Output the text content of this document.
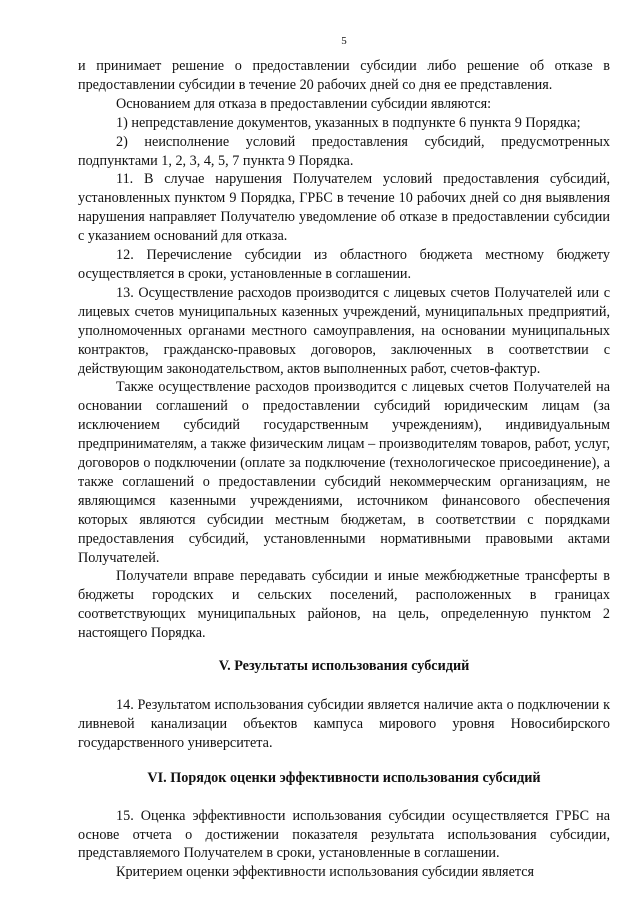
5

и принимает решение о предоставлении субсидии либо решение об отказе в предоставлении субсидии в течение 20 рабочих дней со дня ее представления.

Основанием для отказа в предоставлении субсидии являются:

1) непредставление документов, указанных в подпункте 6 пункта 9 Порядка;

2) неисполнение условий предоставления субсидий, предусмотренных подпунктами 1, 2, 3, 4, 5, 7 пункта 9 Порядка.

11. В случае нарушения Получателем условий предоставления субсидий, установленных пунктом 9 Порядка, ГРБС в течение 10 рабочих дней со дня выявления нарушения направляет Получателю уведомление об отказе в предоставлении субсидии с указанием оснований для отказа.

12. Перечисление субсидии из областного бюджета местному бюджету осуществляется в сроки, установленные в соглашении.

13. Осуществление расходов производится с лицевых счетов Получателей или с лицевых счетов муниципальных казенных учреждений, муниципальных предприятий, уполномоченных органами местного самоуправления, на основании муниципальных контрактов, гражданско-правовых договоров, заключенных в соответствии с действующим законодательством, актов выполненных работ, счетов-фактур.

Также осуществление расходов производится с лицевых счетов Получателей на основании соглашений о предоставлении субсидий юридическим лицам (за исключением субсидий государственным учреждениям), индивидуальным предпринимателям, а также физическим лицам – производителям товаров, работ, услуг, договоров о подключении (оплате за подключение (технологическое присоединение), а также соглашений о предоставлении субсидий некоммерческим организациям, не являющимся казенными учреждениями, источником финансового обеспечения которых являются субсидии местным бюджетам, в соответствии с порядками предоставления субсидий, установленными нормативными правовыми актами Получателей.

Получатели вправе передавать субсидии и иные межбюджетные трансферты в бюджеты городских и сельских поселений, расположенных в границах соответствующих муниципальных районов, на цель, определенную пунктом 2 настоящего Порядка.

V. Результаты использования субсидий

14. Результатом использования субсидии является наличие акта о подключении к ливневой канализации объектов кампуса мирового уровня Новосибирского государственного университета.

VI. Порядок оценки эффективности использования субсидий

15. Оценка эффективности использования субсидии осуществляется ГРБС на основе отчета о достижении показателя результата использования субсидии, представляемого Получателем в сроки, установленные в соглашении.

Критерием оценки эффективности использования субсидии является
